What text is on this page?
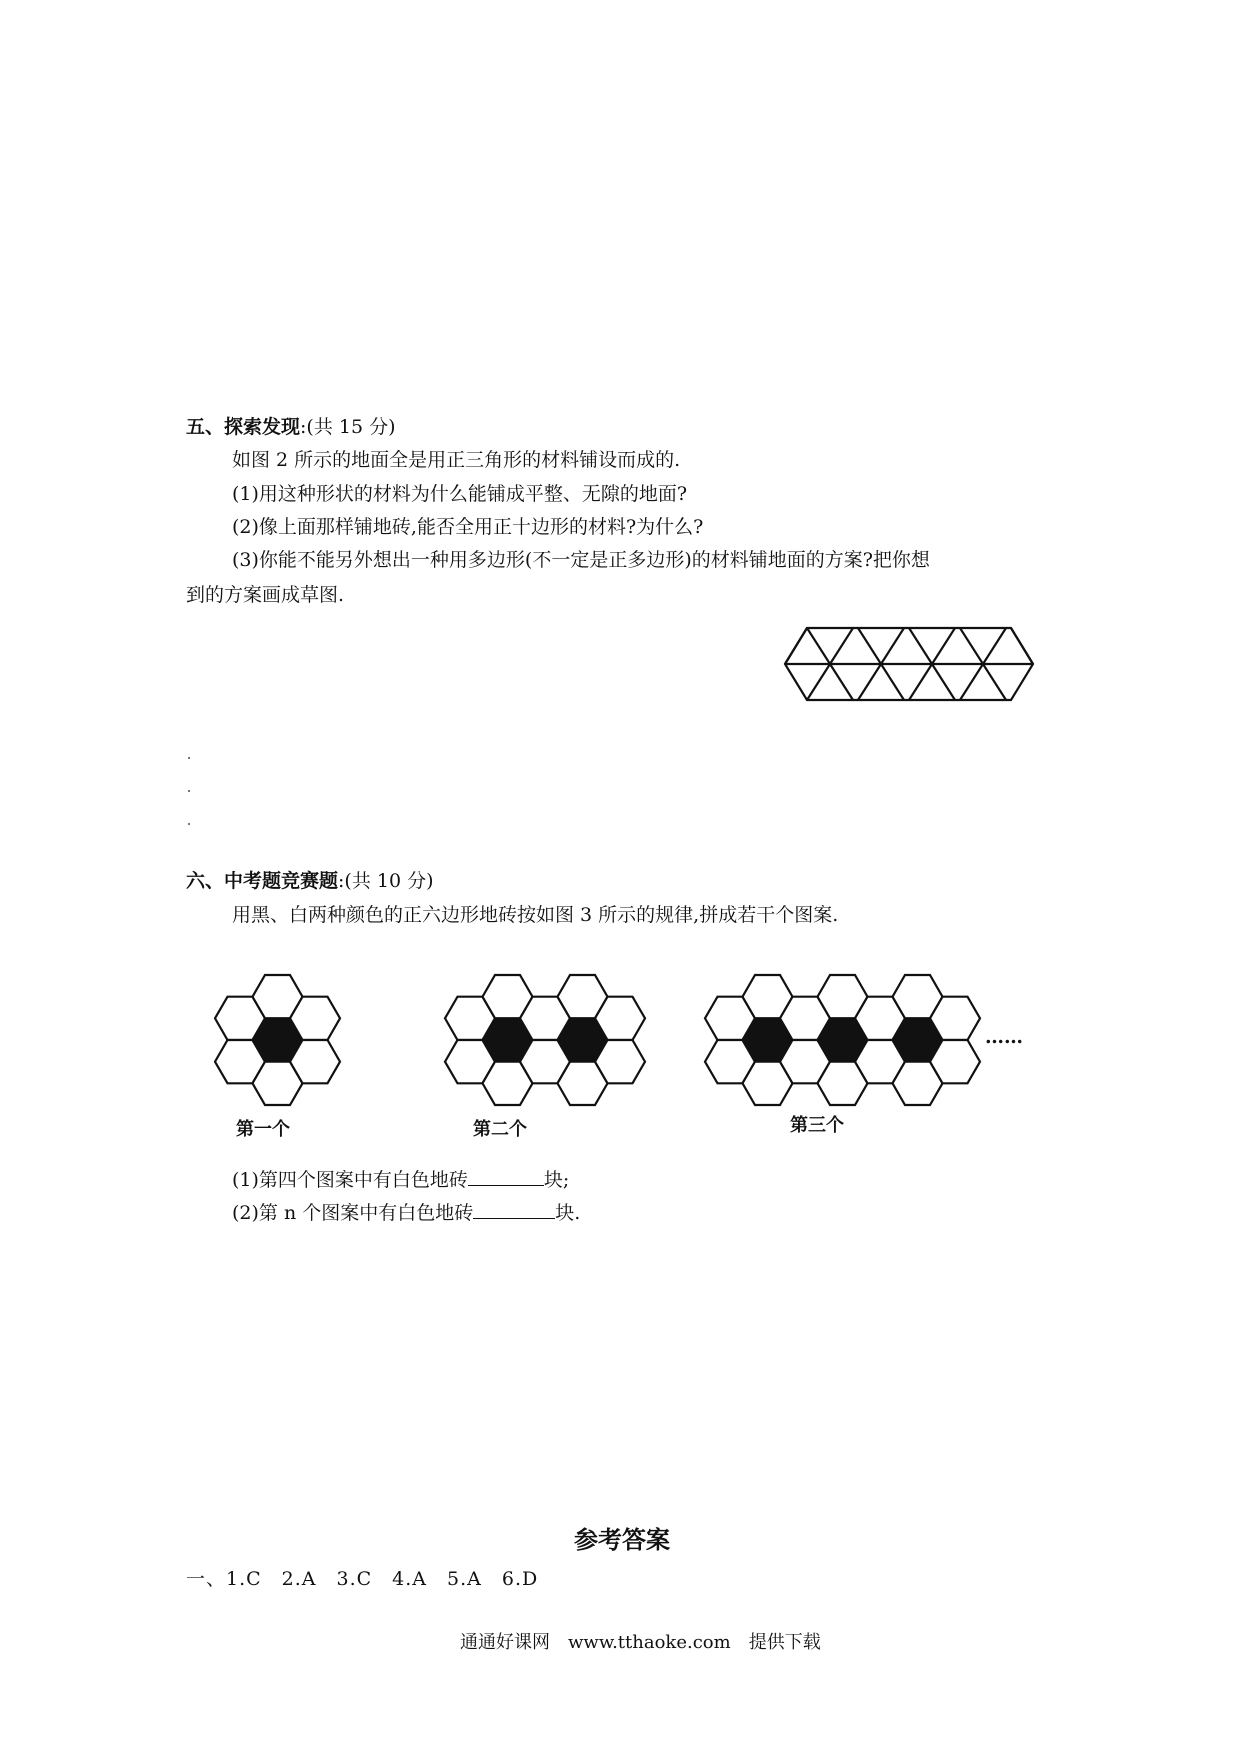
五、探索发现:(共 15 分)
如图 2 所示的地面全是用正三角形的材料铺设而成的.
(1)用这种形状的材料为什么能铺成平整、无隙的地面?
(2)像上面那样铺地砖,能否全用正十边形的材料?为什么?
(3)你能不能另外想出一种用多边形(不一定是正多边形)的材料铺地面的方案?把你想
到的方案画成草图.
六、中考题竞赛题:(共 10 分)
用黑、白两种颜色的正六边形地砖按如图 3 所示的规律,拼成若干个图案.
……
第一个	第二个	第三个
(1)第四个图案中有白色地砖	块;
(2)第 n 个图案中有白色地砖	块.
参考答案
一、1.C　2.A　3.C　4.A　5.A　6.D
通通好课网　www.tthaoke.com　提供下载
